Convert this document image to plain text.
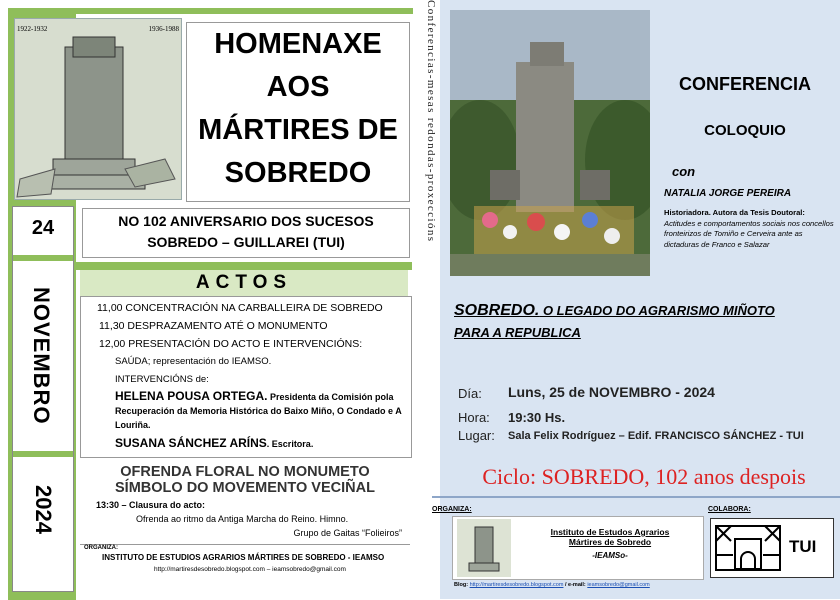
1922-1932	1936-1988	HOMENAXE
AOS
MÁRTIRES DE
SOBREDO
24
NOVEMBRO
2024
NO 102 ANIVERSARIO DOS SUCESOS
SOBREDO – GUILLAREI (TUI)
ACTOS
11,00 CONCENTRACIÓN NA CARBALLEIRA DE SOBREDO
11,30 DESPRAZAMENTO ATÉ O MONUMENTO
12,00 PRESENTACIÓN DO ACTO E INTERVENCIÓNS:
SAÚDA; representación do IEAMSO.
INTERVENCIÓNS de:
HELENA POUSA ORTEGA. Presidenta da Comisión pola Recuperación da Memoria Histórica do Baixo Miño, O Condado e A Louriña.
SUSANA SÁNCHEZ ARÍNS. Escritora.
OFRENDA FLORAL NO MONUMETO
SÍMBOLO DO MOVEMENTO VECIÑAL
13:30 – Clausura do acto:
Ofrenda ao ritmo da Antiga Marcha do Reino. Himno.
Grupo de Gaitas “Folieiros”
ORGANIZA:
INSTITUTO DE ESTUDIOS AGRARIOS MÁRTIRES DE SOBREDO - IEAMSO
http://martiresdesobredo.blogspot.com – ieamsobredo@gmail.com
Conferencias-mesas redondas-proxeccións	CONFERENCIA
COLOQUIO
con
NATALIA JORGE PEREIRA
Historiadora. Autora da Tesis Doutoral: Actitudes e comportamentos sociais nos concellos fronteirizos de Tomiño e Cerveira ante as dictaduras de Franco e Salazar
SOBREDO. O LEGADO DO AGRARISMO MIÑOTO
PARA A REPUBLICA
Día: Luns, 25 de NOVEMBRO - 2024
Hora: 19:30 Hs.
Lugar: Sala Felix Rodríguez – Edif. FRANCISCO SÁNCHEZ - TUI
Ciclo: SOBREDO, 102 anos despois
ORGANIZA:
Instituto de Estudos Agrarios
Mártires de Sobredo
-IEAMSo-
Blog: http://martiresdesobredo.blogspot.com / e-mail: ieamsobredo@gmail.com
COLABORA:
TUI
